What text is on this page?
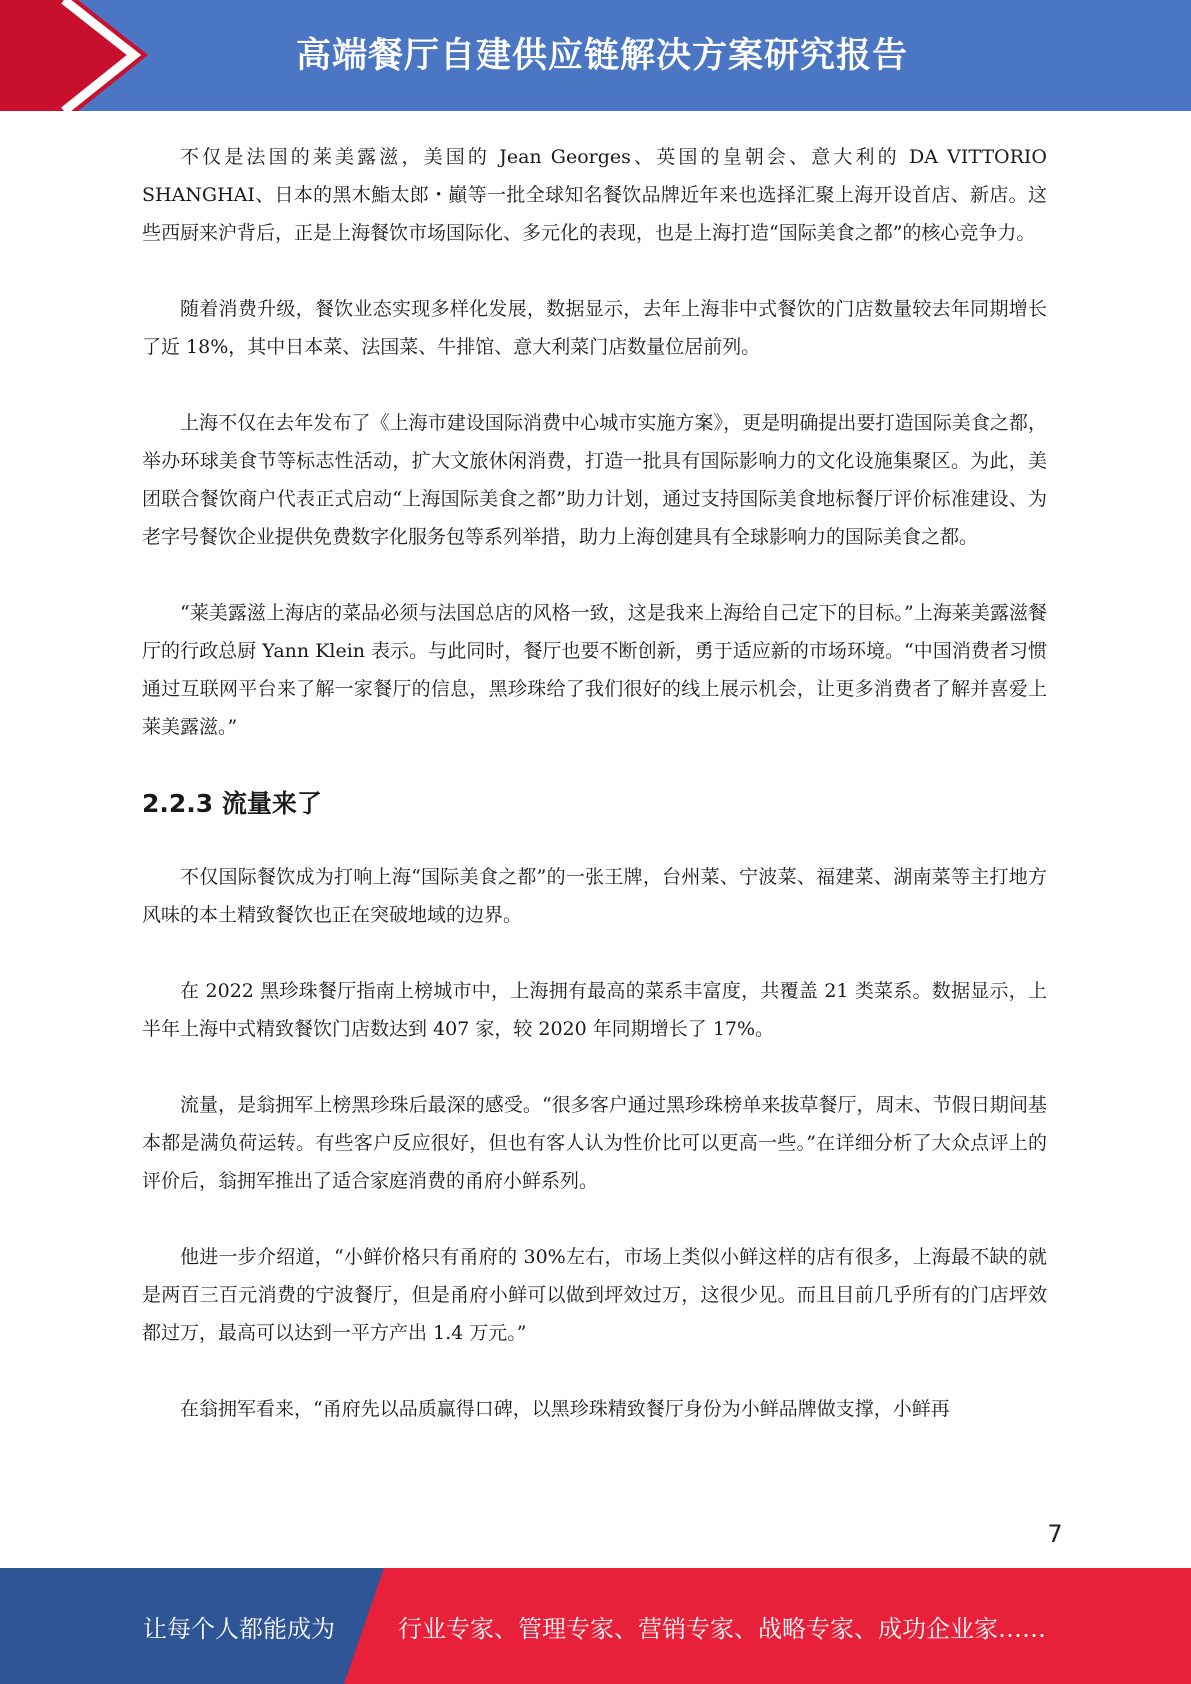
高端餐厅自建供应链解决方案研究报告

不仅是法国的莱美露滋，美国的 Jean Georges、英国的皇朝会、意大利的 DA VITTORIO SHANGHAI、日本的黑木鮨太郎・巓等一批全球知名餐饮品牌近年来也选择汇聚上海开设首店、新店。这些西厨来沪背后，正是上海餐饮市场国际化、多元化的表现，也是上海打造“国际美食之都”的核心竞争力。

随着消费升级，餐饮业态实现多样化发展，数据显示，去年上海非中式餐饮的门店数量较去年同期增长了近 18%，其中日本菜、法国菜、牛排馆、意大利菜门店数量位居前列。

上海不仅在去年发布了《上海市建设国际消费中心城市实施方案》，更是明确提出要打造国际美食之都，举办环球美食节等标志性活动，扩大文旅休闲消费，打造一批具有国际影响力的文化设施集聚区。为此，美团联合餐饮商户代表正式启动“上海国际美食之都”助力计划，通过支持国际美食地标餐厅评价标准建设、为老字号餐饮企业提供免费数字化服务包等系列举措，助力上海创建具有全球影响力的国际美食之都。

“莱美露滋上海店的菜品必须与法国总店的风格一致，这是我来上海给自己定下的目标。”上海莱美露滋餐厅的行政总厨 Yann Klein 表示。与此同时，餐厅也要不断创新，勇于适应新的市场环境。“中国消费者习惯通过互联网平台来了解一家餐厅的信息，黑珍珠给了我们很好的线上展示机会，让更多消费者了解并喜爱上莱美露滋。”

2.2.3 流量来了

不仅国际餐饮成为打响上海“国际美食之都”的一张王牌，台州菜、宁波菜、福建菜、湖南菜等主打地方风味的本土精致餐饮也正在突破地域的边界。

在 2022 黑珍珠餐厅指南上榜城市中，上海拥有最高的菜系丰富度，共覆盖 21 类菜系。数据显示，上半年上海中式精致餐饮门店数达到 407 家，较 2020 年同期增长了 17%。

流量，是翁拥军上榜黑珍珠后最深的感受。“很多客户通过黑珍珠榜单来拔草餐厅，周末、节假日期间基本都是满负荷运转。有些客户反应很好，但也有客人认为性价比可以更高一些。”在详细分析了大众点评上的评价后，翁拥军推出了适合家庭消费的甬府小鲜系列。

他进一步介绍道，“小鲜价格只有甬府的 30%左右，市场上类似小鲜这样的店有很多，上海最不缺的就是两百三百元消费的宁波餐厅，但是甬府小鲜可以做到坪效过万，这很少见。而且目前几乎所有的门店坪效都过万，最高可以达到一平方产出 1.4 万元。”

在翁拥军看来，“甬府先以品质赢得口碑，以黑珍珠精致餐厅身份为小鲜品牌做支撑，小鲜再

7
让每个人都能成为	行业专家、管理专家、营销专家、战略专家、成功企业家……
